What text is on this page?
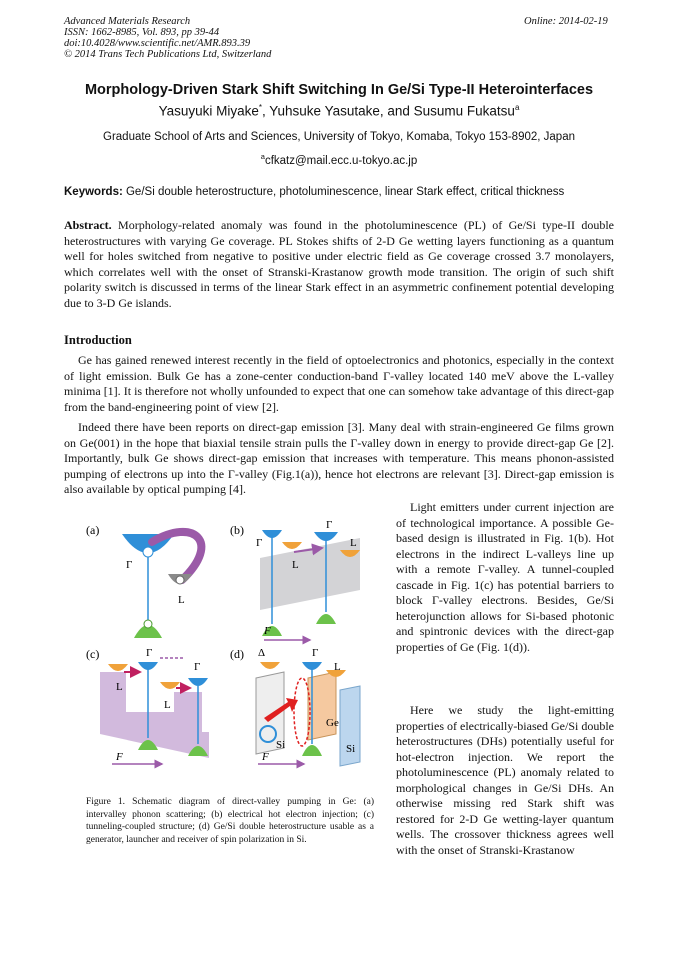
Advanced Materials Research
ISSN: 1662-8985, Vol. 893, pp 39-44
doi:10.4028/www.scientific.net/AMR.893.39
© 2014 Trans Tech Publications Ltd, Switzerland
Online: 2014-02-19
Morphology-Driven Stark Shift Switching In Ge/Si Type-II Heterointerfaces
Yasuyuki Miyake*, Yuhsuke Yasutake, and Susumu Fukatsu$^a$
Graduate School of Arts and Sciences, University of Tokyo, Komaba, Tokyo 153-8902, Japan
$^a$cfkatz@mail.ecc.u-tokyo.ac.jp
Keywords: Ge/Si double heterostructure, photoluminescence, linear Stark effect, critical thickness
Abstract. Morphology-related anomaly was found in the photoluminescence (PL) of Ge/Si type-II double heterostructures with varying Ge coverage. PL Stokes shifts of 2-D Ge wetting layers functioning as a quantum well for holes switched from negative to positive under electric field as Ge coverage crossed 3.7 monolayers, which correlates well with the onset of Stranski-Krastanow growth mode transition. The origin of such shift polarity switch is discussed in terms of the linear Stark effect in an asymmetric confinement potential developing due to 3-D Ge islands.
Introduction
Ge has gained renewed interest recently in the field of optoelectronics and photonics, especially in the context of light emission. Bulk Ge has a zone-center conduction-band Γ-valley located 140 meV above the L-valley minima [1]. It is therefore not wholly unfounded to expect that one can somehow take advantage of this direct-gap from the band-engineering point of view [2].
Indeed there have been reports on direct-gap emission [3]. Many deal with strain-engineered Ge films grown on Ge(001) in the hope that biaxial tensile strain pulls the Γ-valley down in energy to provide direct-gap Ge [2]. Importantly, bulk Ge shows direct-gap emission that increases with temperature. This means phonon-assisted pumping of electrons up into the Γ-valley (Fig.1(a)), hence hot electrons are relevant [3]. Direct-gap emission is also available by optical pumping [4].
Light emitters under current injection are of technological importance. A possible Ge-based design is illustrated in Fig. 1(b). Hot electrons in the indirect L-valleys line up with a remote Γ-valley. A tunnel-coupled cascade in Fig. 1(c) has potential barriers to block Γ-valley electrons. Besides, Ge/Si heterojunction allows for Si-based photonic and spintronic devices with the direct-gap properties of Ge (Fig. 1(d)).
Here we study the light-emitting properties of electrically-biased Ge/Si double heterostructures (DHs) potentially useful for hot-electron injection. We report the photoluminescence (PL) anomaly related to morphological changes in Ge/Si DHs. An otherwise missing red Stark shift was restored for 2-D Ge wetting-layer quantum wells. The crossover thickness agrees well with the onset of Stranski-Krastanow
(a)
Γ
L
(b)
Γ
Γ
L
L
F
(c)	Γ
Γ
L
L
F
(d) Δ	Γ
L
Si
Ge
Si
F
Figure 1. Schematic diagram of direct-valley pumping in Ge: (a) intervalley phonon scattering; (b) electrical hot electron injection; (c) tunneling-coupled structure; (d) Ge/Si double heterostructure usable as a generator, launcher and receiver of spin polarization in Si.
